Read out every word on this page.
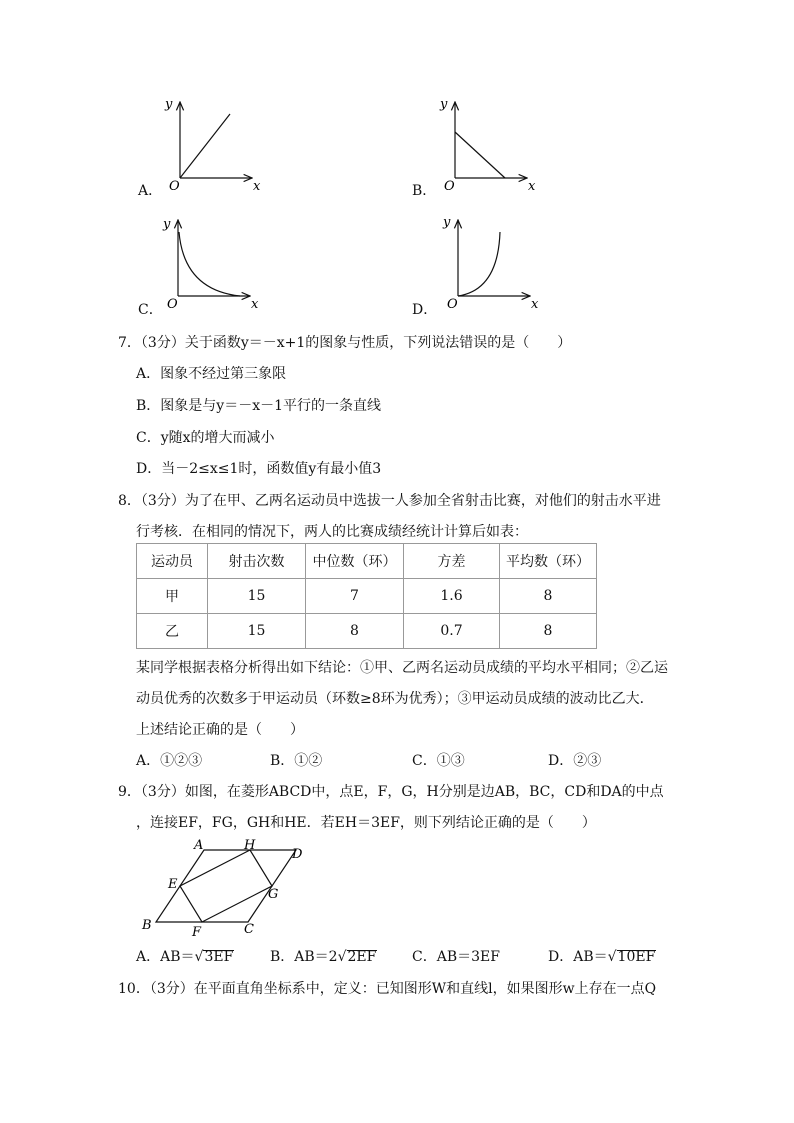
A．
y
O	x	B．
y
O	x
C．
y
O	x	D．
y
O	x
7．（3分）关于函数y＝－x+1的图象与性质，下列说法错误的是（　　）
A．图象不经过第三象限
B．图象是与y＝－x－1平行的一条直线
C．y随x的增大而减小
D．当－2≤x≤1时，函数值y有最小值3
8．（3分）为了在甲、乙两名运动员中选拔一人参加全省射击比赛，对他们的射击水平进
行考核．在相同的情况下，两人的比赛成绩经统计计算后如表：
运动员	射击次数	中位数（环）	方差	平均数（环）
甲	15	7	1.6	8
乙	15	8	0.7	8
某同学根据表格分析得出如下结论：①甲、乙两名运动员成绩的平均水平相同；②乙运
动员优秀的次数多于甲运动员（环数≥8环为优秀）；③甲运动员成绩的波动比乙大．
上述结论正确的是（　　）
A．①②③	B．①②	C．①③	D．②③
9．（3分）如图，在菱形ABCD中，点E，F，G，H分别是边AB，BC，CD和DA的中点
，连接EF，FG，GH和HE．若EH＝3EF，则下列结论正确的是（　　）
A	H
D
E
G
B	F	C
A．AB＝√3EF	B．AB＝2√2EF	C．AB＝3EF	D．AB＝√10EF
10．（3分）在平面直角坐标系中，定义：已知图形W和直线l，如果图形w上存在一点Q
